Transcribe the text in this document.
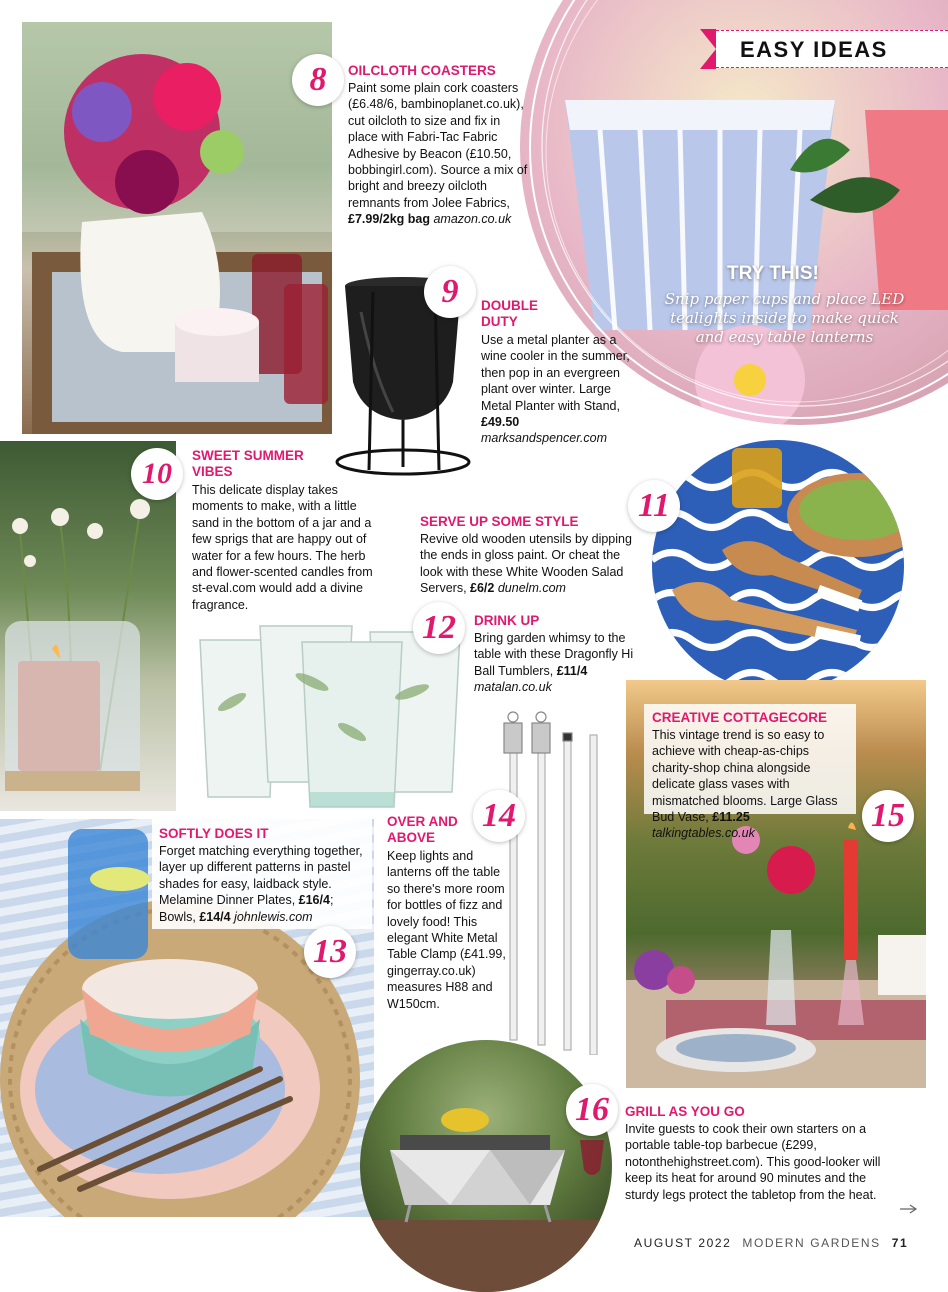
EASY IDEAS
TRY THIS!
Snip paper cups and place LED tealights inside to make quick and easy table lanterns
8	OILCLOTH COASTERS
Paint some plain cork coasters (£6.48/6, bambinoplanet.co.uk), cut oilcloth to size and fix in place with Fabri-Tac Fabric Adhesive by Beacon (£10.50, bobbingirl.com). Source a mix of bright and breezy oilcloth remnants from Jolee Fabrics, £7.99/2kg bag amazon.co.uk
9	DOUBLE DUTY
Use a metal planter as a wine cooler in the summer, then pop in an evergreen plant over winter. Large Metal Planter with Stand, £49.50 marksandspencer.com
10
SWEET SUMMER VIBES
This delicate display takes moments to make, with a little sand in the bottom of a jar and a few sprigs that are happy out of water for a few hours. The herb and flower-scented candles from st-eval.com would add a divine fragrance.
11
SERVE UP SOME STYLE
Revive old wooden utensils by dipping the ends in gloss paint. Or cheat the look with these White Wooden Salad Servers, £6/2 dunelm.com
12	DRINK UP
Bring garden whimsy to the table with these Dragonfly Hi Ball Tumblers, £11/4 matalan.co.uk
SOFTLY DOES IT
Forget matching everything together, layer up different patterns in pastel shades for easy, laidback style. Melamine Dinner Plates, £16/4; Bowls, £14/4 johnlewis.com
13
14
OVER AND ABOVE
Keep lights and lanterns off the table so there's more room for bottles of fizz and lovely food! This elegant White Metal Table Clamp (£41.99, gingerray.co.uk) measures H88 and W150cm.
CREATIVE COTTAGECORE
This vintage trend is so easy to achieve with cheap-as-chips charity-shop china alongside delicate glass vases with mismatched blooms. Large Glass Bud Vase, £11.25 talkingtables.co.uk	15
16	GRILL AS YOU GO
Invite guests to cook their own starters on a portable table-top barbecue (£299, notonthehighstreet.com). This good-looker will keep its heat for around 90 minutes and the sturdy legs protect the tabletop from the heat.
AUGUST 2022 MODERN GARDENS 71
